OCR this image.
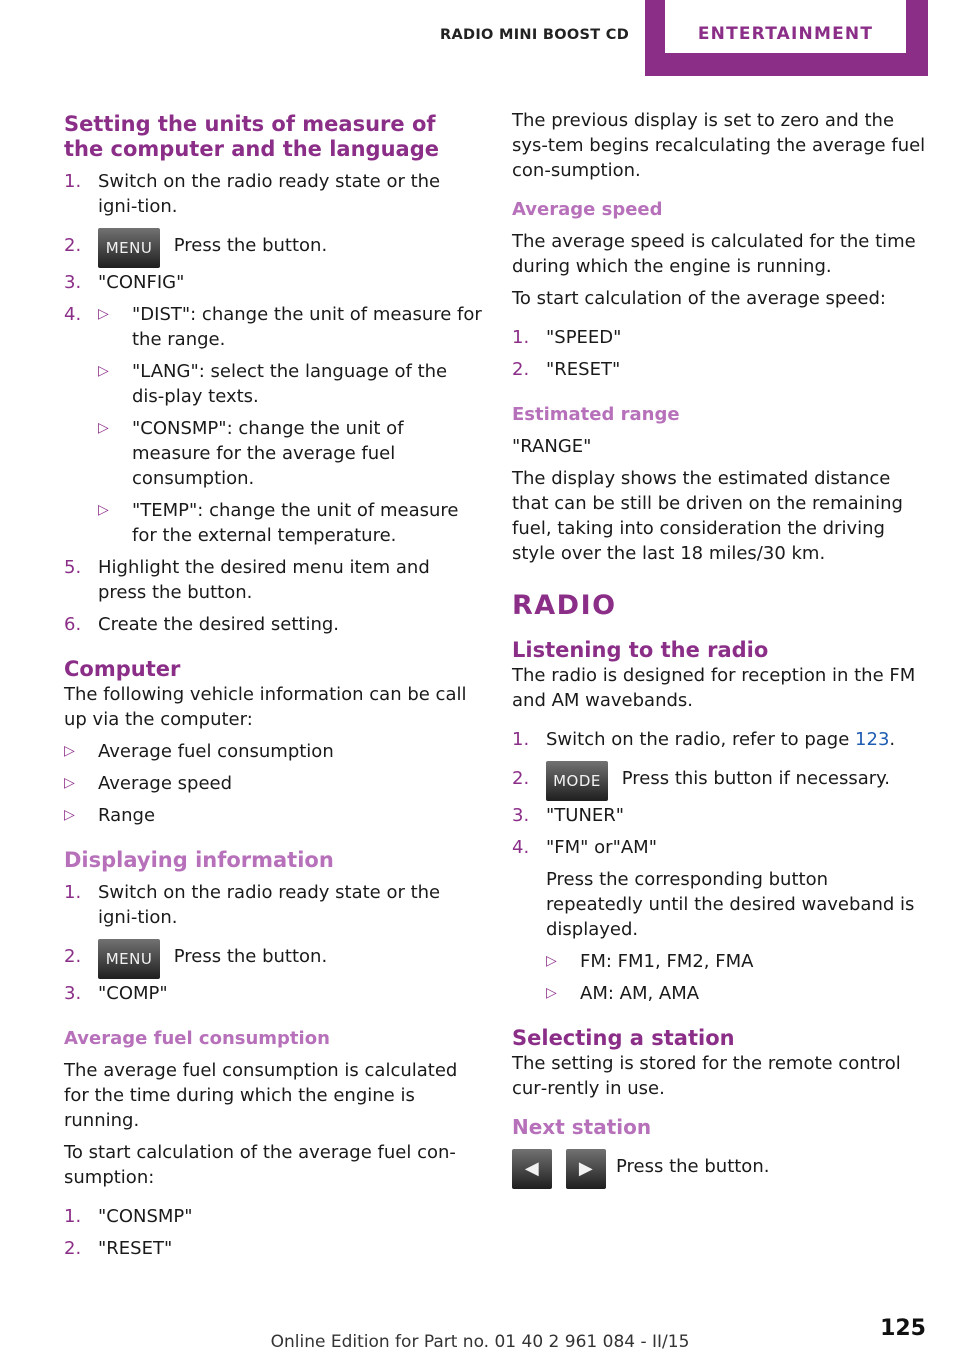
RADIO MINI BOOST CD	ENTERTAINMENT
Setting the units of measure of the computer and the language
1. Switch on the radio ready state or the igni‐tion.
2.	MENU Press the button.
3. "CONFIG"
4.	▷	"DIST": change the unit of measure for the range.
▷	"LANG": select the language of the dis‐play texts.
▷	"CONSMP": change the unit of measure for the average fuel consumption.
▷	"TEMP": change the unit of measure for the external temperature.
5. Highlight the desired menu item and press the button.
6. Create the desired setting.
Computer
The following vehicle information can be call up via the computer:
▷	Average fuel consumption
▷	Average speed
▷	Range
Displaying information
1. Switch on the radio ready state or the igni‐tion.
2.	MENU Press the button.
3. "COMP"
Average fuel consumption
The average fuel consumption is calculated for the time during which the engine is running.
To start calculation of the average fuel con‐sumption:
1. "CONSMP"
2. "RESET"
The previous display is set to zero and the sys‐tem begins recalculating the average fuel con‐sumption.
Average speed
The average speed is calculated for the time during which the engine is running.
To start calculation of the average speed:
1. "SPEED"
2. "RESET"
Estimated range
"RANGE"
The display shows the estimated distance that can be still be driven on the remaining fuel, taking into consideration the driving style over the last 18 miles/30 km.
RADIO
Listening to the radio
The radio is designed for reception in the FM and AM wavebands.
1. Switch on the radio, refer to page 123.
2.	MODE Press this button if necessary.
3. "TUNER"
4. "FM" or"AM"
Press the corresponding button repeatedly until the desired waveband is displayed.
▷	FM: FM1, FM2, FMA
▷	AM: AM, AMA
Selecting a station
The setting is stored for the remote control cur‐rently in use.
Next station
◀ ▶ Press the button.
125
Online Edition for Part no. 01 40 2 961 084 - II/15
